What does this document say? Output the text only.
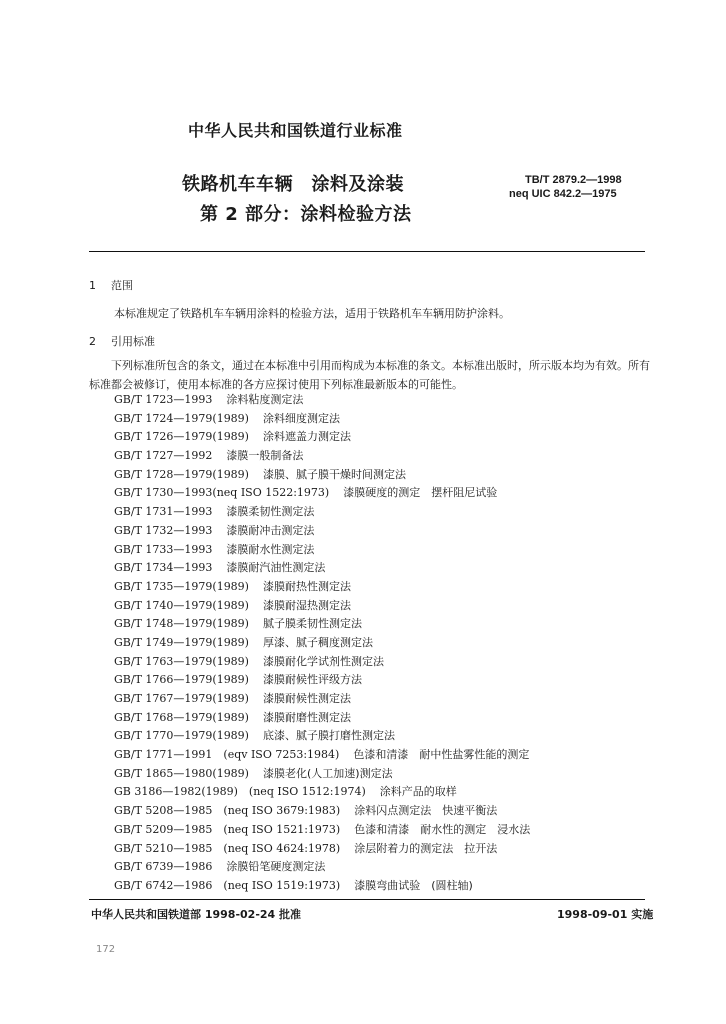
中华人民共和国铁道行业标准
铁路机车车辆　涂料及涂装
第 2 部分：涂料检验方法
TB/T 2879.2—1998
neq UIC 842.2—1975
1 范围
本标准规定了铁路机车车辆用涂料的检验方法，适用于铁路机车车辆用防护涂料。
2 引用标准
下列标准所包含的条文，通过在本标准中引用而构成为本标准的条文。本标准出版时，所示版本均为有效。所有标准都会被修订，使用本标准的各方应探讨使用下列标准最新版本的可能性。
GB/T 1723—1993 涂料粘度测定法
GB/T 1724—1979(1989) 涂料细度测定法
GB/T 1726—1979(1989) 涂料遮盖力测定法
GB/T 1727—1992 漆膜一般制备法
GB/T 1728—1979(1989) 漆膜、腻子膜干燥时间测定法
GB/T 1730—1993(neq ISO 1522:1973) 漆膜硬度的测定　摆杆阻尼试验
GB/T 1731—1993 漆膜柔韧性测定法
GB/T 1732—1993 漆膜耐冲击测定法
GB/T 1733—1993 漆膜耐水性测定法
GB/T 1734—1993 漆膜耐汽油性测定法
GB/T 1735—1979(1989) 漆膜耐热性测定法
GB/T 1740—1979(1989) 漆膜耐湿热测定法
GB/T 1748—1979(1989) 腻子膜柔韧性测定法
GB/T 1749—1979(1989) 厚漆、腻子稠度测定法
GB/T 1763—1979(1989) 漆膜耐化学试剂性测定法
GB/T 1766—1979(1989) 漆膜耐候性评级方法
GB/T 1767—1979(1989) 漆膜耐候性测定法
GB/T 1768—1979(1989) 漆膜耐磨性测定法
GB/T 1770—1979(1989) 底漆、腻子膜打磨性测定法
GB/T 1771—1991　(eqv ISO 7253:1984) 色漆和清漆　耐中性盐雾性能的测定
GB/T 1865—1980(1989) 漆膜老化(人工加速)测定法
GB 3186—1982(1989)　(neq ISO 1512:1974) 涂料产品的取样
GB/T 5208—1985　(neq ISO 3679:1983) 涂料闪点测定法　快速平衡法
GB/T 5209—1985　(neq ISO 1521:1973) 色漆和清漆　耐水性的测定　浸水法
GB/T 5210—1985　(neq ISO 4624:1978) 涂层附着力的测定法　拉开法
GB/T 6739—1986 涂膜铅笔硬度测定法
GB/T 6742—1986　(neq ISO 1519:1973) 漆膜弯曲试验　(圆柱轴)
中华人民共和国铁道部 1998-02-24 批准	1998-09-01 实施
172
